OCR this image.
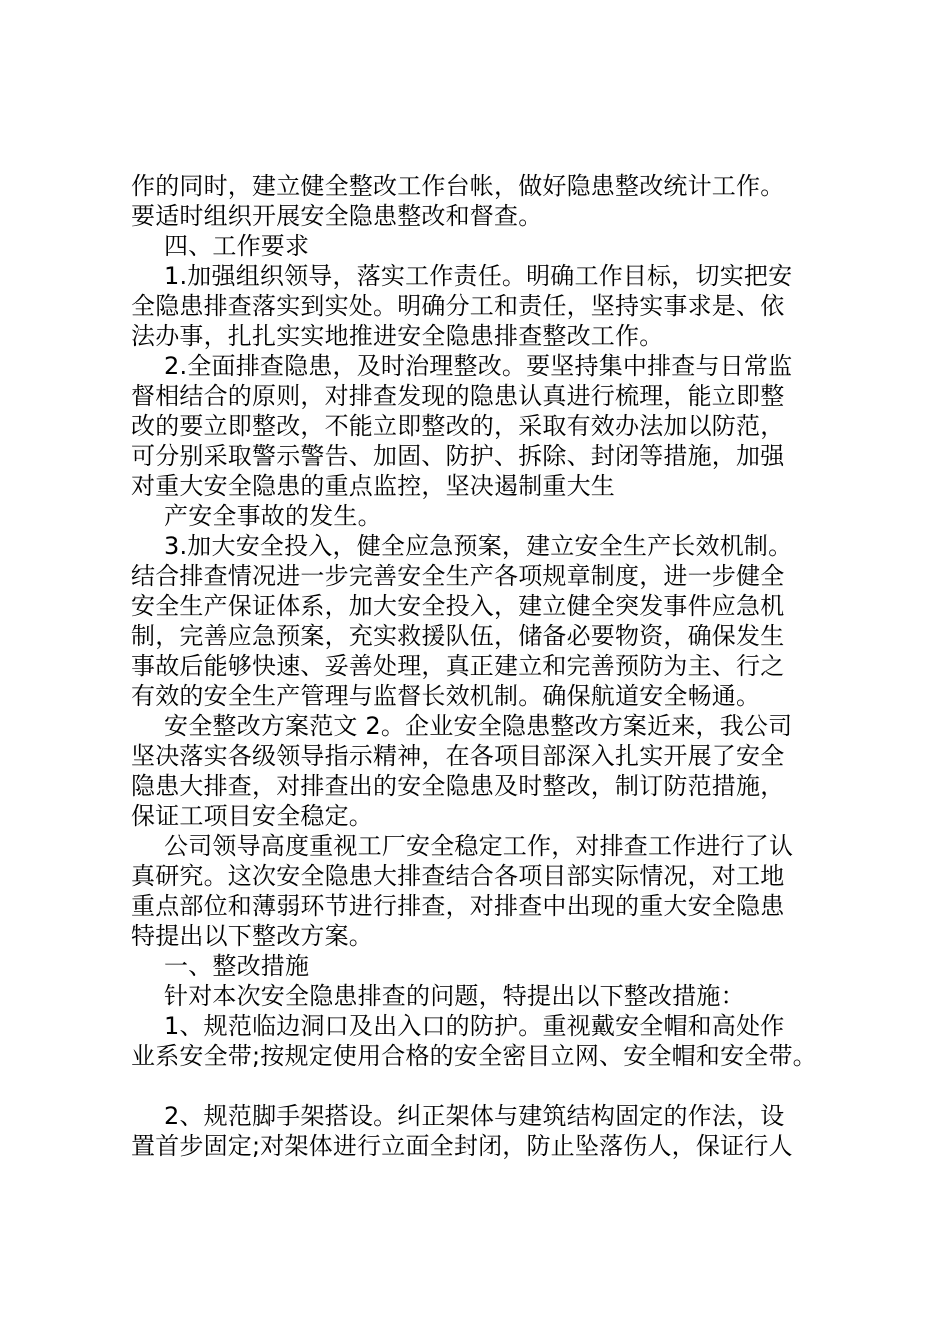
作的同时，建立健全整改工作台帐，做好隐患整改统计工作。
要适时组织开展安全隐患整改和督查。
四、工作要求
1.加强组织领导，落实工作责任。明确工作目标，切实把安
全隐患排查落实到实处。明确分工和责任，坚持实事求是、依
法办事，扎扎实实地推进安全隐患排查整改工作。
2.全面排查隐患，及时治理整改。要坚持集中排查与日常监
督相结合的原则，对排查发现的隐患认真进行梳理，能立即整
改的要立即整改，不能立即整改的，采取有效办法加以防范，
可分别采取警示警告、加固、防护、拆除、封闭等措施，加强
对重大安全隐患的重点监控，坚决遏制重大生
产安全事故的发生。
3.加大安全投入，健全应急预案，建立安全生产长效机制。
结合排查情况进一步完善安全生产各项规章制度，进一步健全
安全生产保证体系，加大安全投入，建立健全突发事件应急机
制，完善应急预案，充实救援队伍，储备必要物资，确保发生
事故后能够快速、妥善处理，真正建立和完善预防为主、行之
有效的安全生产管理与监督长效机制。确保航道安全畅通。
安全整改方案范文 2。企业安全隐患整改方案近来，我公司
坚决落实各级领导指示精神，在各项目部深入扎实开展了安全
隐患大排查，对排查出的安全隐患及时整改，制订防范措施，
保证工项目安全稳定。
公司领导高度重视工厂安全稳定工作，对排查工作进行了认
真研究。这次安全隐患大排查结合各项目部实际情况，对工地
重点部位和薄弱环节进行排查，对排查中出现的重大安全隐患
特提出以下整改方案。
一、整改措施
针对本次安全隐患排查的问题，特提出以下整改措施：
1、规范临边洞口及出入口的防护。重视戴安全帽和高处作
业系安全带;按规定使用合格的安全密目立网、安全帽和安全带。
2、规范脚手架搭设。纠正架体与建筑结构固定的作法，设
置首步固定;对架体进行立面全封闭，防止坠落伤人，保证行人
